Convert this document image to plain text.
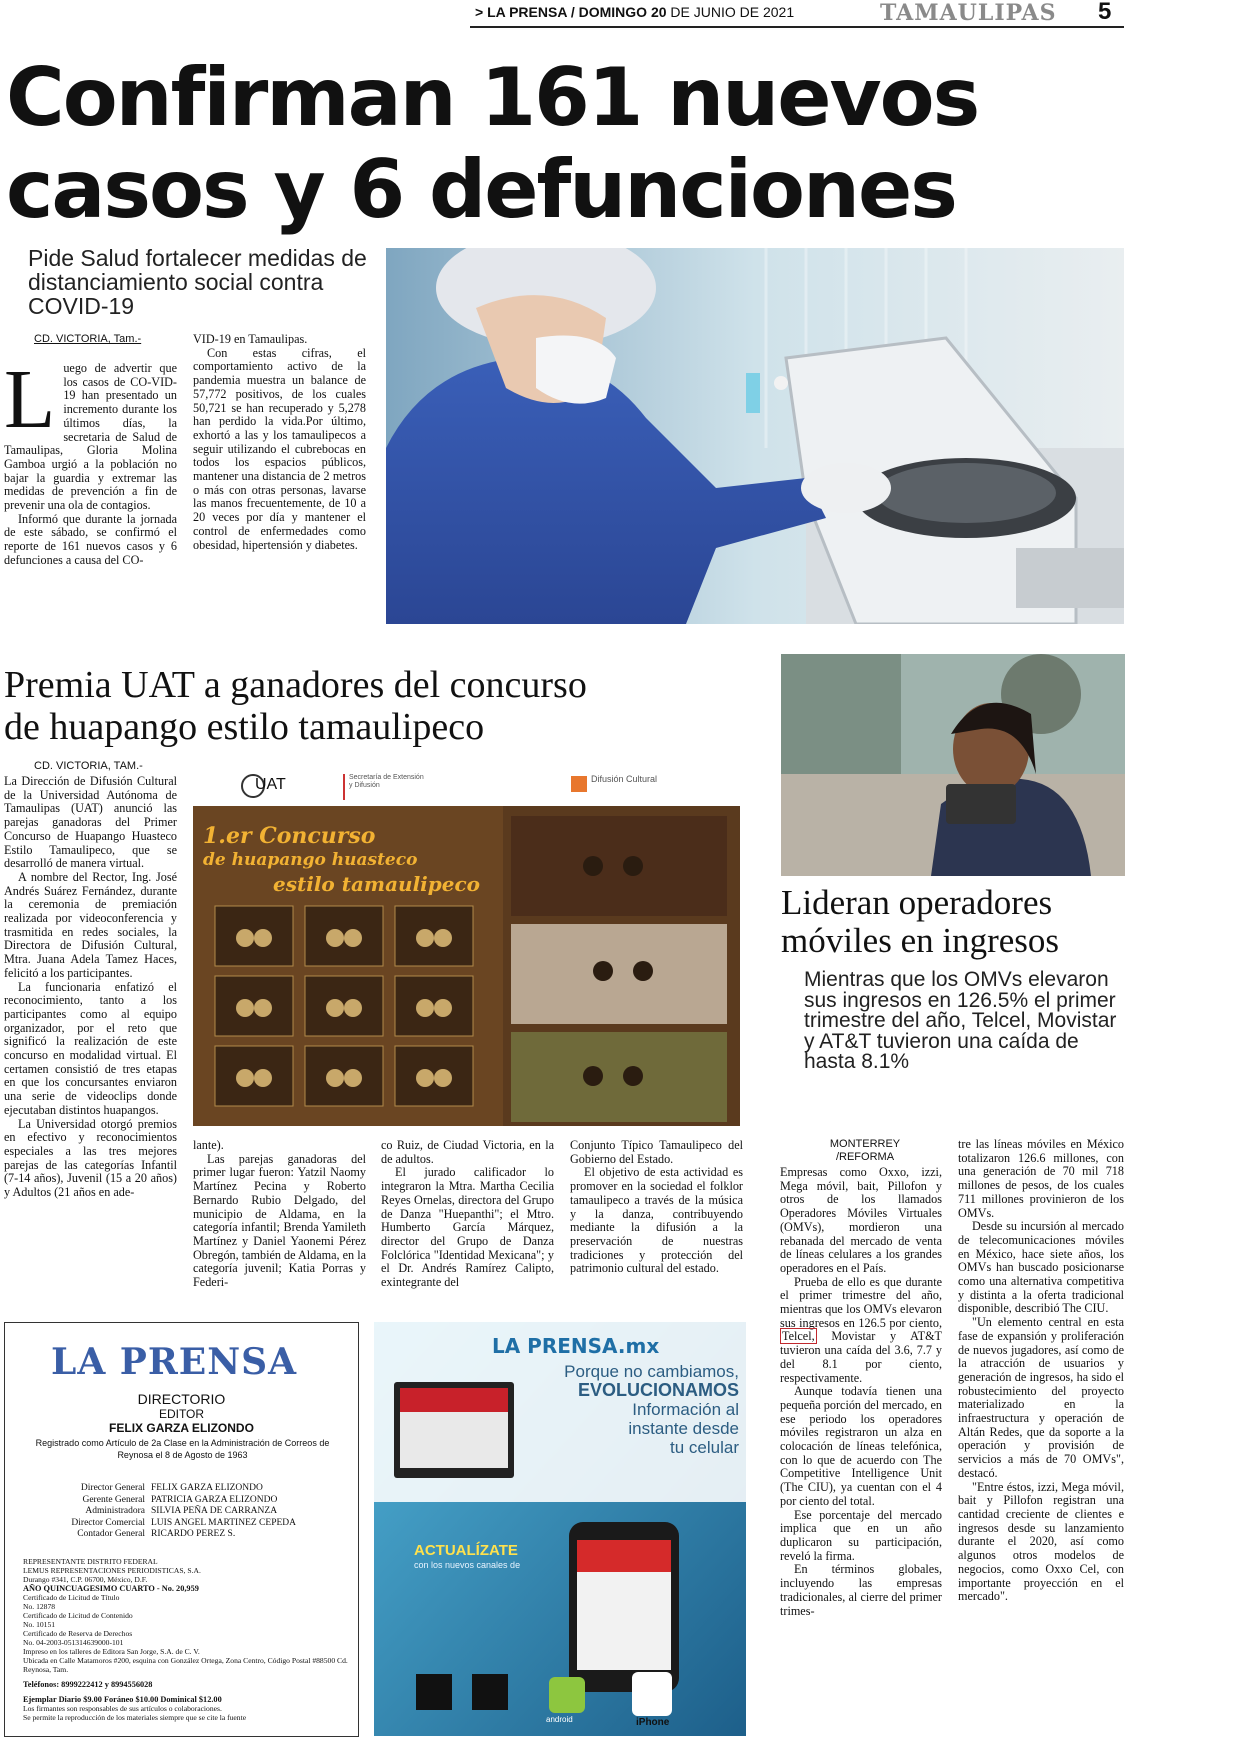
> LA PRENSA / DOMINGO 20 DE JUNIO DE 2021	TAMAULIPAS 5
Confirman 161 nuevos
casos y 6 defunciones
Pide Salud fortalecer medidas de distanciamiento social contra COVID-19
CD. VICTORIA, Tam.-
L uego de advertir que los casos de CO-VID-19 han presentado un incremento durante los últimos días, la secretaria de Salud de Tamaulipas, Gloria Molina Gamboa urgió a la población no bajar la guardia y extremar las medidas de prevención a fin de prevenir una ola de contagios.

Informó que durante la jornada de este sábado, se confirmó el reporte de 161 nuevos casos y 6 defunciones a causa del CO-

VID-19 en Tamaulipas.

Con estas cifras, el comportamiento activo de la pandemia muestra un balance de 57,772 positivos, de los cuales 50,721 se han recuperado y 5,278 han perdido la vida.Por último, exhortó a las y los tamaulipecos a seguir utilizando el cubrebocas en todos los espacios públicos, mantener una distancia de 2 metros o más con otras personas, lavarse las manos frecuentemente, de 10 a 20 veces por día y mantener el control de enfermedades como obesidad, hipertensión y diabetes.

Premia UAT a ganadores del concurso
de huapango estilo tamaulipeco
CD. VICTORIA, TAM.-

La Dirección de Difusión Cultural de la Universidad Autónoma de Tamaulipas (UAT) anunció las parejas ganadoras del Primer Concurso de Huapango Huasteco Estilo Tamaulipeco, que se desarrolló de manera virtual.

A nombre del Rector, Ing. José Andrés Suárez Fernández, durante la ceremonia de premiación realizada por videoconferencia y trasmitida en redes sociales, la Directora de Difusión Cultural, Mtra. Juana Adela Tamez Haces, felicitó a los participantes.

La funcionaria enfatizó el reconocimiento, tanto a los participantes como al equipo organizador, por el reto que significó la realización de este concurso en modalidad virtual. El certamen consistió de tres etapas en que los concursantes enviaron una serie de videoclips donde ejecutaban distintos huapangos.

La Universidad otorgó premios en efectivo y reconocimientos especiales a las tres mejores parejas de las categorías Infantil (7-14 años), Juvenil (15 a 20 años) y Adultos (21 años en ade-

UAT	Secretaría de Extensión y Difusión
Difusión Cultural
1.er Concurso
de huapango huasteco
estilo tamaulipeco

lante).

Las parejas ganadoras del primer lugar fueron: Yatzil Naomy Martínez Pecina y Roberto Bernardo Rubio Delgado, del municipio de Aldama, en la categoría infantil; Brenda Yamileth Martínez y Daniel Yaonemi Pérez Obregón, también de Aldama, en la categoría juvenil; Katia Porras y Federi-

co Ruiz, de Ciudad Victoria, en la de adultos.

El jurado calificador lo integraron la Mtra. Martha Cecilia Reyes Ornelas, directora del Grupo de Danza "Huepanthi"; el Mtro. Humberto García Márquez, director del Grupo de Danza Folclórica "Identidad Mexicana"; y el Dr. Andrés Ramírez Calipto, exintegrante del

Conjunto Típico Tamaulipeco del Gobierno del Estado.

El objetivo de esta actividad es promover en la sociedad el folklor tamaulipeco a través de la música y la danza, contribuyendo mediante la difusión a la preservación de nuestras tradiciones y protección del patrimonio cultural del estado.

Lideran operadores
móviles en ingresos
Mientras que los OMVs elevaron sus ingresos en 126.5% el primer trimestre del año, Telcel, Movistar y AT&T tuvieron una caída de hasta 8.1%
MONTERREY
/REFORMA

Empresas como Oxxo, izzi, Mega móvil, bait, Pillofon y otros de los llamados Operadores Móviles Virtuales (OMVs), mordieron una rebanada del mercado de venta de líneas celulares a los grandes operadores en el País.

Prueba de ello es que durante el primer trimestre del año, mientras que los OMVs elevaron sus ingresos en 126.5 por ciento, Telcel, Movistar y AT&T tuvieron una caída del 3.6, 7.7 y del 8.1 por ciento, respectivamente.

Aunque todavía tienen una pequeña porción del mercado, en ese periodo los operadores móviles registraron un alza en colocación de líneas telefónica, con lo que de acuerdo con The Competitive Intelligence Unit (The CIU), ya cuentan con el 4 por ciento del total.

Ese porcentaje del mercado implica que en un año duplicaron su participación, reveló la firma.

En términos globales, incluyendo las empresas tradicionales, al cierre del primer trimes-

tre las líneas móviles en México totalizaron 126.6 millones, con una generación de 70 mil 718 millones de pesos, de los cuales 711 millones provinieron de los OMVs.

Desde su incursión al mercado de telecomunicaciones móviles en México, hace siete años, los OMVs han buscado posicionarse como una alternativa competitiva y distinta a la oferta tradicional disponible, describió The CIU.

"Un elemento central en esta fase de expansión y proliferación de nuevos jugadores, así como de la atracción de usuarios y generación de ingresos, ha sido el robustecimiento del proyecto materializado en la infraestructura y operación de Altán Redes, que da soporte a la operación y provisión de servicios a más de 70 OMVs", destacó.

"Entre éstos, izzi, Mega móvil, bait y Pillofon registran una cantidad creciente de clientes e ingresos desde su lanzamiento durante el 2020, así como algunos otros modelos de negocios, como Oxxo Cel, con importante proyección en el mercado".

LA PRENSA
DIRECTORIO
EDITOR
FELIX GARZA ELIZONDO
Registrado como Artículo de 2a Clase en la Administración de Correos de Reynosa el 8 de Agosto de 1963
Director General FELIX GARZA ELIZONDO
Gerente General PATRICIA GARZA ELIZONDO
Administradora SILVIA PEÑA DE CARRANZA
Director Comercial LUIS ANGEL MARTINEZ CEPEDA
Contador General RICARDO PEREZ S.
REPRESENTANTE DISTRITO FEDERAL
LEMUS REPRESENTACIONES PERIODISTICAS, S.A.
Durango #341, C.P. 06700, México, D.F.
AÑO QUINCUAGESIMO CUARTO - No. 20,959
Certificado de Licitud de Título
No. 12878
Certificado de Licitud de Contenido
No. 10151
Certificado de Reserva de Derechos
No. 04-2003-051314639000-101
Impreso en los talleres de Editora San Jorge, S.A. de C. V.
Ubicada en Calle Matamoros #200, esquina con González Ortega, Zona Centro, Código Postal #88500 Cd. Reynosa, Tam.
Teléfonos: 8999222412 y 8994556028
Ejemplar Diario $9.00 Foráneo $10.00 Dominical $12.00
Los firmantes son responsables de sus artículos o colaboraciones.
Se permite la reproducción de los materiales siempre que se cite la fuente
LA PRENSA.mx
Porque no cambiamos,
EVOLUCIONAMOS
Información al
instante desde
tu celular
ACTUALÍZATE
con los nuevos canales de
android	iPhone
